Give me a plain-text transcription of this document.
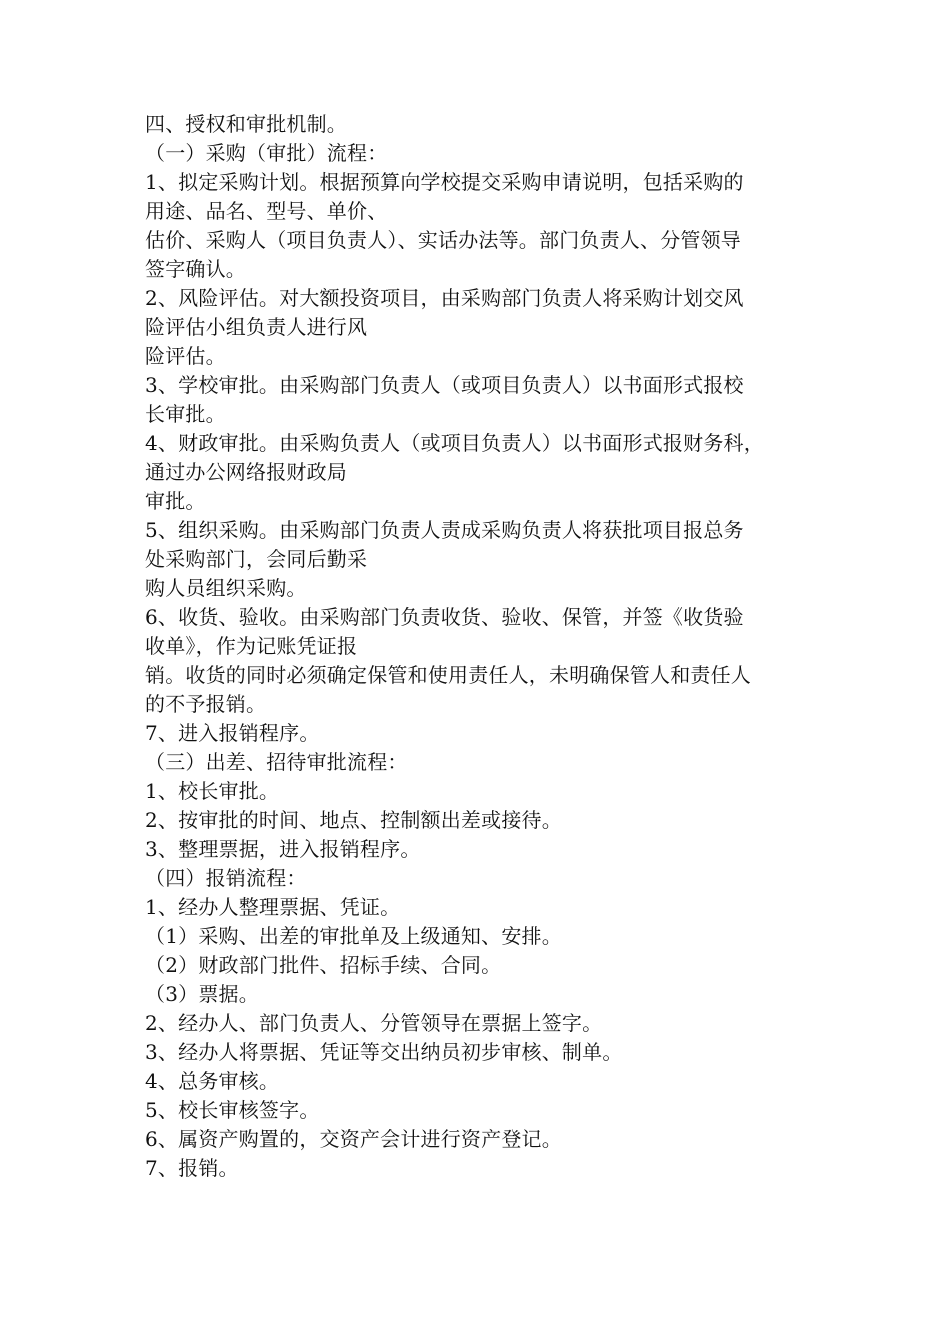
四、授权和审批机制。
（一）采购（审批）流程：
1、拟定采购计划。根据预算向学校提交采购申请说明，包括采购的
用途、品名、型号、单价、
估价、采购人（项目负责人）、实话办法等。部门负责人、分管领导
签字确认。
2、风险评估。对大额投资项目，由采购部门负责人将采购计划交风
险评估小组负责人进行风
险评估。
3、学校审批。由采购部门负责人（或项目负责人）以书面形式报校
长审批。
4、财政审批。由采购负责人（或项目负责人）以书面形式报财务科，
通过办公网络报财政局
审批。
5、组织采购。由采购部门负责人责成采购负责人将获批项目报总务
处采购部门，会同后勤采
购人员组织采购。
6、收货、验收。由采购部门负责收货、验收、保管，并签《收货验
收单》，作为记账凭证报
销。收货的同时必须确定保管和使用责任人，未明确保管人和责任人
的不予报销。
7、进入报销程序。
（三）出差、招待审批流程：
1、校长审批。
2、按审批的时间、地点、控制额出差或接待。
3、整理票据，进入报销程序。
（四）报销流程：
1、经办人整理票据、凭证。
（1）采购、出差的审批单及上级通知、安排。
（2）财政部门批件、招标手续、合同。
（3）票据。
2、经办人、部门负责人、分管领导在票据上签字。
3、经办人将票据、凭证等交出纳员初步审核、制单。
4、总务审核。
5、校长审核签字。
6、属资产购置的，交资产会计进行资产登记。
7、报销。
